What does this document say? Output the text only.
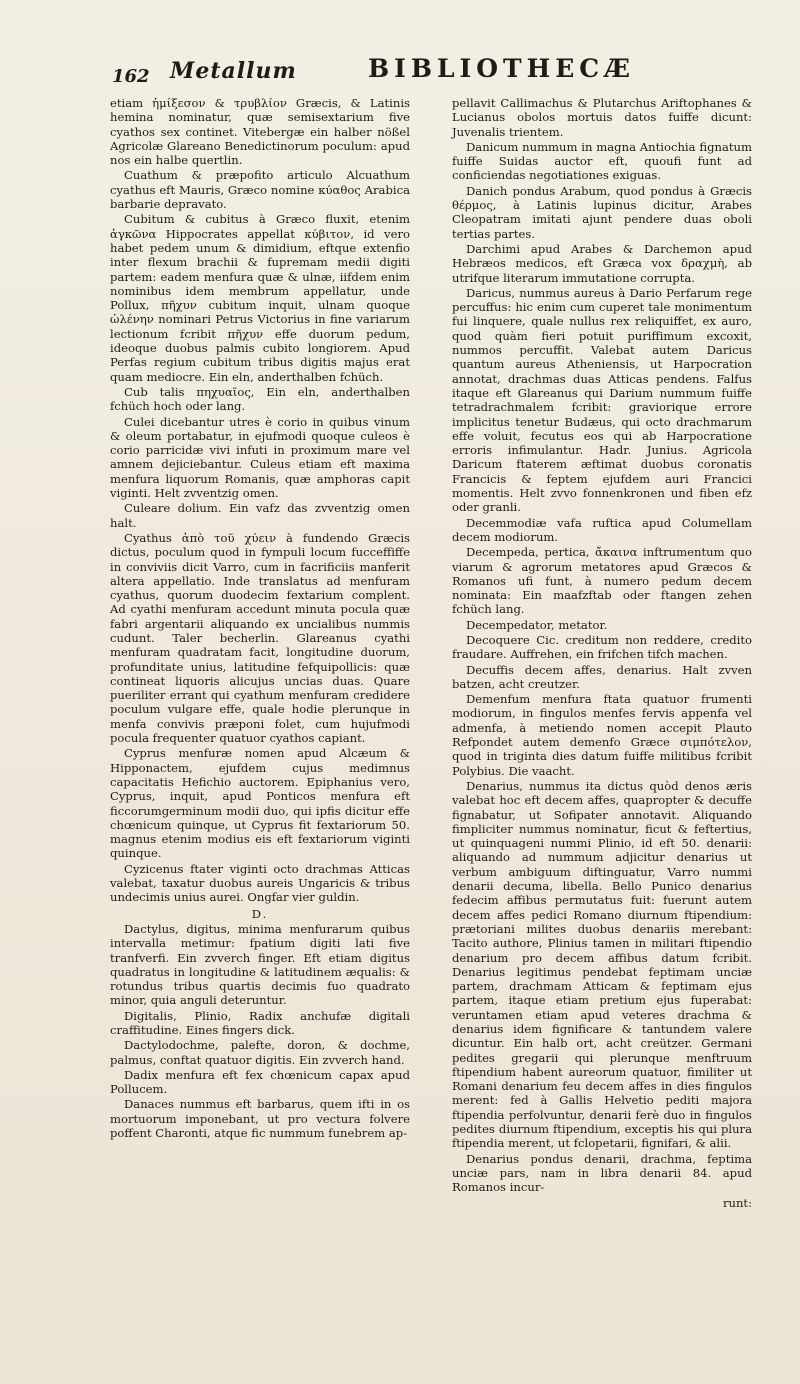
162 Metallum	BIBLIOTHECÆ

etiam ἡμίξεσον & τρυβλίον Græcis, & Latinis hemina nominatur, quæ semisextarium five cyathos sex continet. Vitebergæ ein halber nößel Agricolæ Glareano Benedictinorum poculum: apud nos ein halbe quertlin.

Cuathum & præpofito articulo Alcuathum cyathus eft Mauris, Græco nomine κύαθος Arabica barbarie depravato.

Cubitum & cubitus à Græco fluxit, etenim ἀγκῶνα Hippocrates appellat κύβιτον, id vero habet pedem unum & dimidium, eftque extenfio inter flexum brachii & fupremam medii digiti partem: eadem menfura quæ & ulnæ, iifdem enim nominibus idem membrum appellatur, unde Pollux, πῆχυν cubitum inquit, ulnam quoque ὠλένην nominari Petrus Victorius in fine variarum lectionum fcribit πῆχυν effe duorum pedum, ideoque duobus palmis cubito longiorem. Apud Perfas regium cubitum tribus digitis majus erat quam mediocre. Ein eln, anderthalben fchüch.

Cub talis πηχυαῖος, Ein eln, anderthalben fchüch hoch oder lang.

Culei dicebantur utres è corio in quibus vinum & oleum portabatur, in ejufmodi quoque culeos è corio parricidæ vivi infuti in proximum mare vel amnem dejiciebantur. Culeus etiam eft maxima menfura liquorum Romanis, quæ amphoras capit viginti. Helt zvventzig omen.

Culeare dolium. Ein vafz das zvventzig omen halt.

Cyathus ἀπὸ τοῦ χύειν à fundendo Græcis dictus, poculum quod in fympuli locum fucceffiffe in conviviis dicit Varro, cum in facrificiis manferit altera appellatio. Inde translatus ad menfuram cyathus, quorum duodecim fextarium complent. Ad cyathi menfuram accedunt minuta pocula quæ fabri argentarii aliquando ex uncialibus nummis cudunt. Taler becherlin. Glareanus cyathi menfuram quadratam facit, longitudine duorum, profunditate unius, latitudine fefquipollicis: quæ contineat liquoris alicujus uncias duas. Quare pueriliter errant qui cyathum menfuram credidere poculum vulgare effe, quale hodie plerunque in menfa convivis præponi folet, cum hujufmodi pocula frequenter quatuor cyathos capiant.

Cyprus menfuræ nomen apud Alcæum & Hipponactem, ejufdem cujus medimnus capacitatis Hefichio auctorem. Epiphanius vero, Cyprus, inquit, apud Ponticos menfura eft ficcorumgerminum modii duo, qui ipfis dicitur effe chœnicum quinque, ut Cyprus fit fextariorum 50. magnus etenim modius eis eft fextariorum viginti quinque.

Cyzicenus ftater viginti octo drachmas Atticas valebat, taxatur duobus aureis Ungaricis & tribus undecimis unius aurei. Ongfar vier guldin.

D.

Dactylus, digitus, minima menfurarum quibus intervalla metimur: fpatium digiti lati five tranfverfi. Ein zvverch finger. Eft etiam digitus quadratus in longitudine & latitudinem æqualis: & rotundus tribus quartis decimis fuo quadrato minor, quia anguli deteruntur.

Digitalis, Plinio, Radix anchufæ digitali craffitudine. Eines fingers dick.

Dactylodochme, palefte, doron, & dochme, palmus, conftat quatuor digitis. Ein zvverch hand.

Dadix menfura eft fex chœnicum capax apud Pollucem.

Danaces nummus eft barbarus, quem ifti in os mortuorum imponebant, ut pro vectura folvere poffent Charonti, atque fic nummum funebrem ap-

pellavit Callimachus & Plutarchus Ariftophanes & Lucianus obolos mortuis datos fuiffe dicunt: Juvenalis trientem.

Danicum nummum in magna Antiochia fignatum fuiffe Suidas auctor eft, quoufi funt ad conficiendas negotiationes exiguas.

Danich pondus Arabum, quod pondus à Græcis θέρμος, à Latinis lupinus dicitur, Arabes Cleopatram imitati ajunt pendere duas oboli tertias partes.

Darchimi apud Arabes & Darchemon apud Hebræos medicos, eft Græca vox δραχμὴ, ab utrifque literarum immutatione corrupta.

Daricus, nummus aureus à Dario Perfarum rege percuffus: hic enim cum cuperet tale monimentum fui linquere, quale nullus rex reliquiffet, ex auro, quod quàm fieri potuit puriffimum excoxit, nummos percuffit. Valebat autem Daricus quantum aureus Atheniensis, ut Harpocration annotat, drachmas duas Atticas pendens. Falfus itaque eft Glareanus qui Darium nummum fuiffe tetradrachmalem fcribit: graviorique errore implicitus tenetur Budæus, qui octo drachmarum effe voluit, fecutus eos qui ab Harpocratione erroris infimulantur. Hadr. Junius. Agricola Daricum ftaterem æftimat duobus coronatis Francicis & feptem ejufdem auri Francici momentis. Helt zvvo fonnenkronen und fiben efz oder granli.

Decemmodiæ vafa ruftica apud Columellam decem modiorum.

Decempeda, pertica, ἄκαινα inftrumentum quo viarum & agrorum metatores apud Græcos & Romanos ufi funt, à numero pedum decem nominata: Ein maafzftab oder ftangen zehen fchüch lang.

Decempedator, metator.

Decoquere Cic. creditum non reddere, credito fraudare. Auffrehen, ein frifchen tifch machen.

Decuffis decem affes, denarius. Halt zvven batzen, acht creutzer.

Demenfum menfura ftata quatuor frumenti modiorum, in fingulos menfes fervis appenfa vel admenfa, à metiendo nomen accepit Plauto Refpondet autem demenfo Græce σιμπότελον, quod in triginta dies datum fuiffe militibus fcribit Polybius. Die vaacht.

Denarius, nummus ita dictus quòd denos æris valebat hoc eft decem affes, quapropter & decuffe fignabatur, ut Sofipater annotavit. Aliquando fimpliciter nummus nominatur, ficut & feftertius, ut quinquageni nummi Plinio, id eft 50. denarii: aliquando ad nummum adjicitur denarius ut verbum ambiguum diftinguatur, Varro nummi denarii decuma, libella. Bello Punico denarius fedecim affibus permutatus fuit: fuerunt autem decem affes pedici Romano diurnum ftipendium: prætoriani milites duobus denariis merebant: Tacito authore, Plinius tamen in militari ftipendio denarium pro decem affibus datum fcribit. Denarius legitimus pendebat feptimam unciæ partem, drachmam Atticam & feptimam ejus partem, itaque etiam pretium ejus fuperabat: veruntamen etiam apud veteres drachma & denarius idem fignificare & tantundem valere dicuntur. Ein halb ort, acht creützer. Germani pedites gregarii qui plerunque menftruum ftipendium habent aureorum quatuor, fimiliter ut Romani denarium feu decem affes in dies fingulos merent: fed à Gallis Helvetio pediti majora ftipendia perfolvuntur, denarii ferè duo in fingulos pedites diurnum ftipendium, exceptis his qui plura ftipendia merent, ut fclopetarii, fignifari, & alii.

Denarius pondus denarii, drachma, feptima unciæ pars, nam in libra denarii 84. apud Romanos incur-

runt:
